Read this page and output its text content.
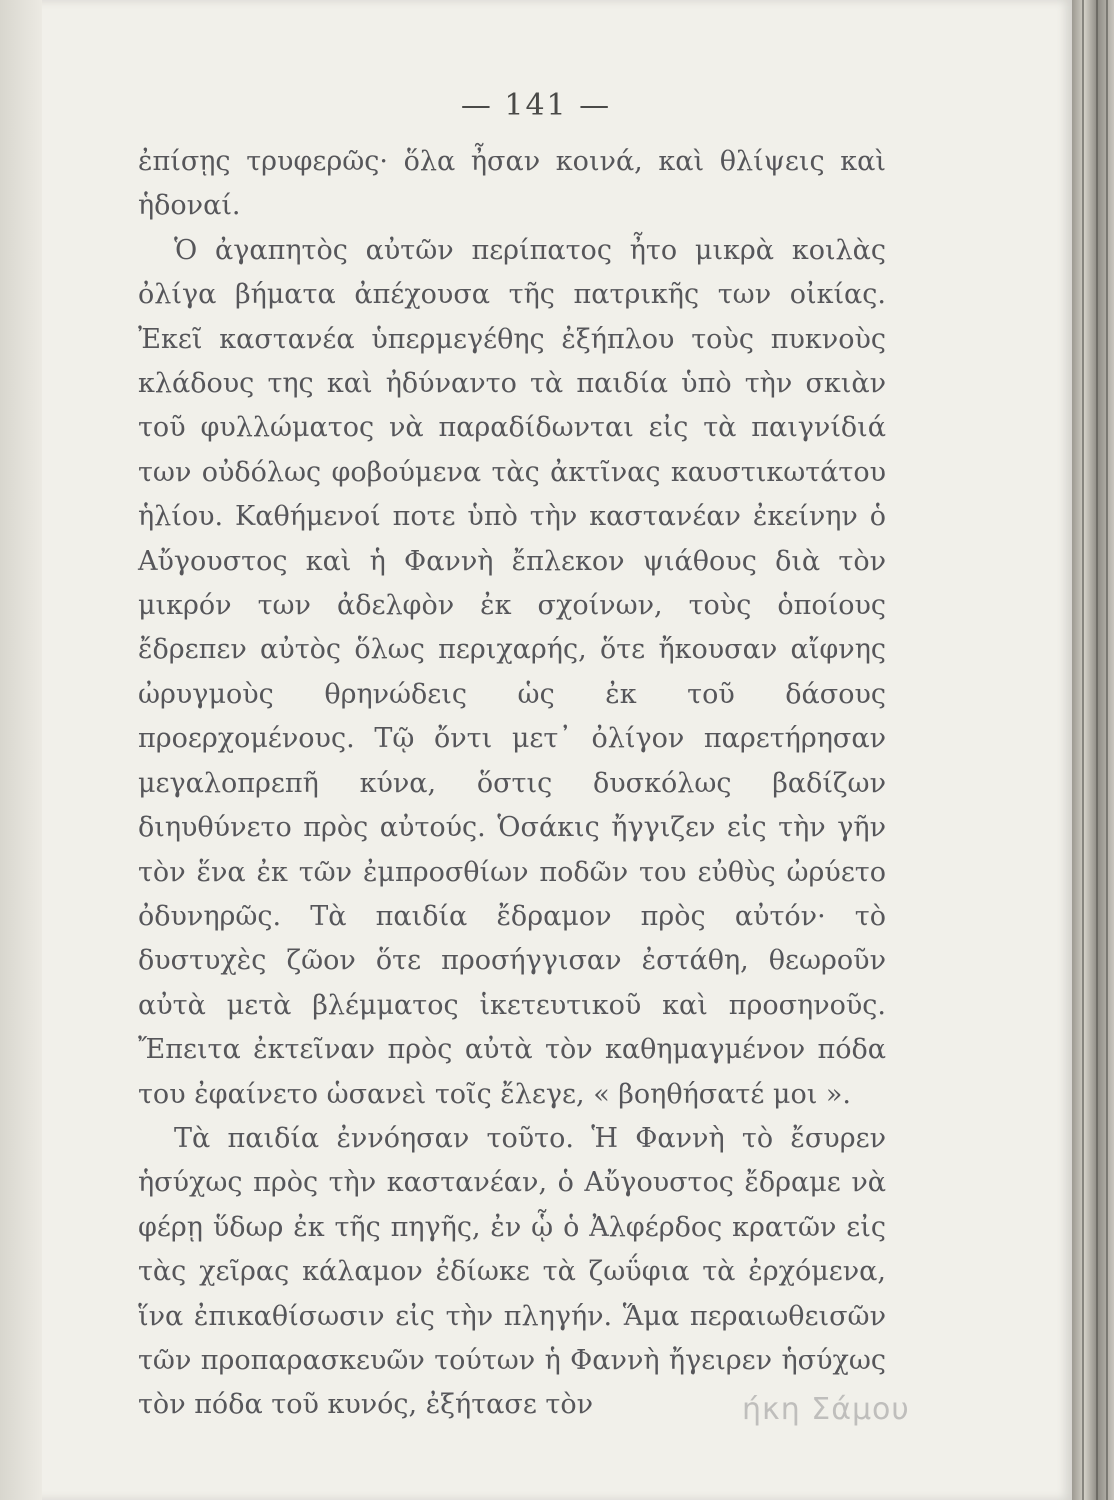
— 141 —

ἐπίσῃς τρυφερῶς· ὅλα ἦσαν κοινά, καὶ θλίψεις καὶ ἡδοναί.

Ὁ ἀγαπητὸς αὐτῶν περίπατος ἦτο μικρὰ κοιλὰς ὀλίγα βήματα ἀπέχουσα τῆς πατρικῆς των οἰκίας. Ἐκεῖ καστανέα ὑπερμεγέθης ἐξήπλου τοὺς πυκνοὺς κλάδους της καὶ ἠδύναντο τὰ παιδία ὑπὸ τὴν σκιὰν τοῦ φυλλώματος νὰ παραδίδωνται εἰς τὰ παιγνίδιά των οὐδόλως φοβούμενα τὰς ἀκτῖνας καυστικωτάτου ἡλίου. Καθήμενοί ποτε ὑπὸ τὴν καστανέαν ἐκείνην ὁ Αὔγουστος καὶ ἡ Φαννὴ ἔπλεκον ψιάθους διὰ τὸν μικρόν των ἀδελφὸν ἐκ σχοίνων, τοὺς ὁποίους ἔδρεπεν αὐτὸς ὅλως περιχαρής, ὅτε ἤκουσαν αἴφνης ὠρυγμοὺς θρηνώδεις ὡς ἐκ τοῦ δάσους προερχομένους. Τῷ ὄντι μετ᾽ ὀλίγον παρετήρησαν μεγαλοπρεπῆ κύνα, ὅστις δυσκόλως βαδίζων διηυθύνετο πρὸς αὐτούς. Ὁσάκις ἤγγιζεν εἰς τὴν γῆν τὸν ἕνα ἐκ τῶν ἐμπροσθίων ποδῶν του εὐθὺς ὠρύετο ὀδυνηρῶς. Τὰ παιδία ἔδραμον πρὸς αὐτόν· τὸ δυστυχὲς ζῶον ὅτε προσήγγισαν ἐστάθη, θεωροῦν αὐτὰ μετὰ βλέμματος ἱκετευτικοῦ καὶ προσηνοῦς. Ἔπειτα ἐκτεῖναν πρὸς αὐτὰ τὸν καθημαγμένον πόδα του ἐφαίνετο ὡσανεὶ τοῖς ἔλεγε, « βοηθήσατέ μοι ».

Τὰ παιδία ἐννόησαν τοῦτο. Ἡ Φαννὴ τὸ ἔσυρεν ἡσύχως πρὸς τὴν καστανέαν, ὁ Αὔγουστος ἔδραμε νὰ φέρῃ ὕδωρ ἐκ τῆς πηγῆς, ἐν ᾧ ὁ Ἀλφέρδος κρατῶν εἰς τὰς χεῖρας κάλαμον ἐδίωκε τὰ ζωΰφια τὰ ἐρχόμενα, ἵνα ἐπικαθίσωσιν εἰς τὴν πληγήν. Ἅμα περαιωθεισῶν τῶν προπαρασκευῶν τούτων ἡ Φαννὴ ἤγειρεν ἡσύχως τὸν πόδα τοῦ κυνός, ἐξήτασε τὸν	ήκη Σάμου
